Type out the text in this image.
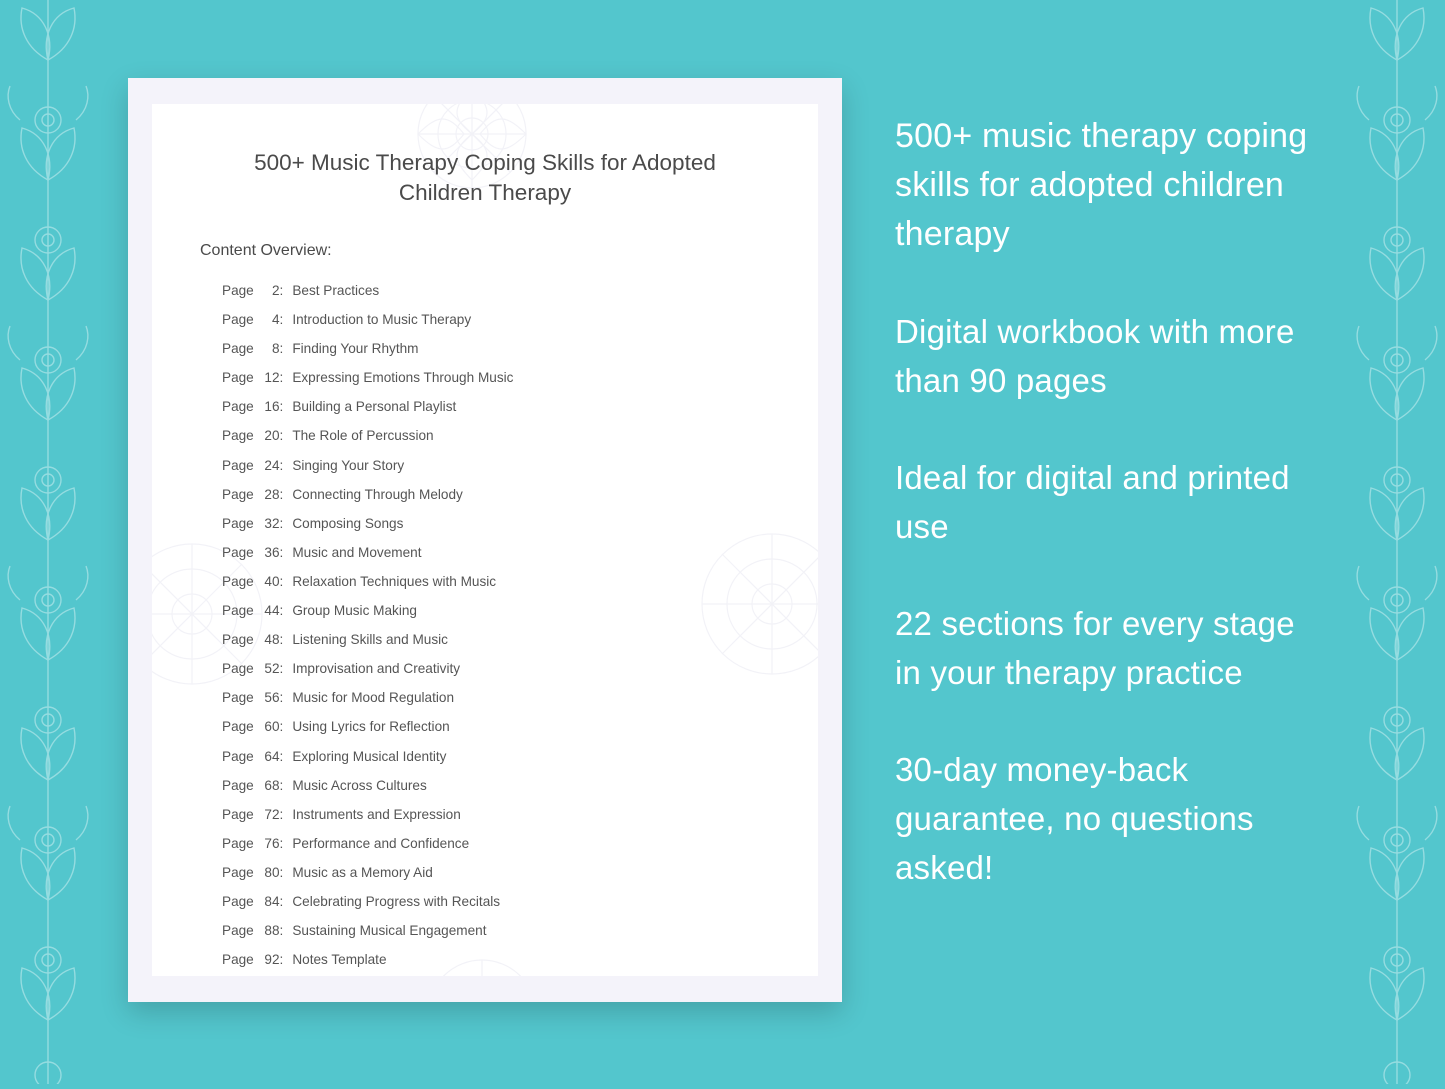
500+ Music Therapy Coping Skills for Adopted Children Therapy
Content Overview:
Page 2: Best Practices
Page 4: Introduction to Music Therapy
Page 8: Finding Your Rhythm
Page 12: Expressing Emotions Through Music
Page 16: Building a Personal Playlist
Page 20: The Role of Percussion
Page 24: Singing Your Story
Page 28: Connecting Through Melody
Page 32: Composing Songs
Page 36: Music and Movement
Page 40: Relaxation Techniques with Music
Page 44: Group Music Making
Page 48: Listening Skills and Music
Page 52: Improvisation and Creativity
Page 56: Music for Mood Regulation
Page 60: Using Lyrics for Reflection
Page 64: Exploring Musical Identity
Page 68: Music Across Cultures
Page 72: Instruments and Expression
Page 76: Performance and Confidence
Page 80: Music as a Memory Aid
Page 84: Celebrating Progress with Recitals
Page 88: Sustaining Musical Engagement
Page 92: Notes Template

500+ music therapy coping skills for adopted children therapy

Digital workbook with more than 90 pages

Ideal for digital and printed use

22 sections for every stage in your therapy practice

30-day money-back guarantee, no questions asked!
